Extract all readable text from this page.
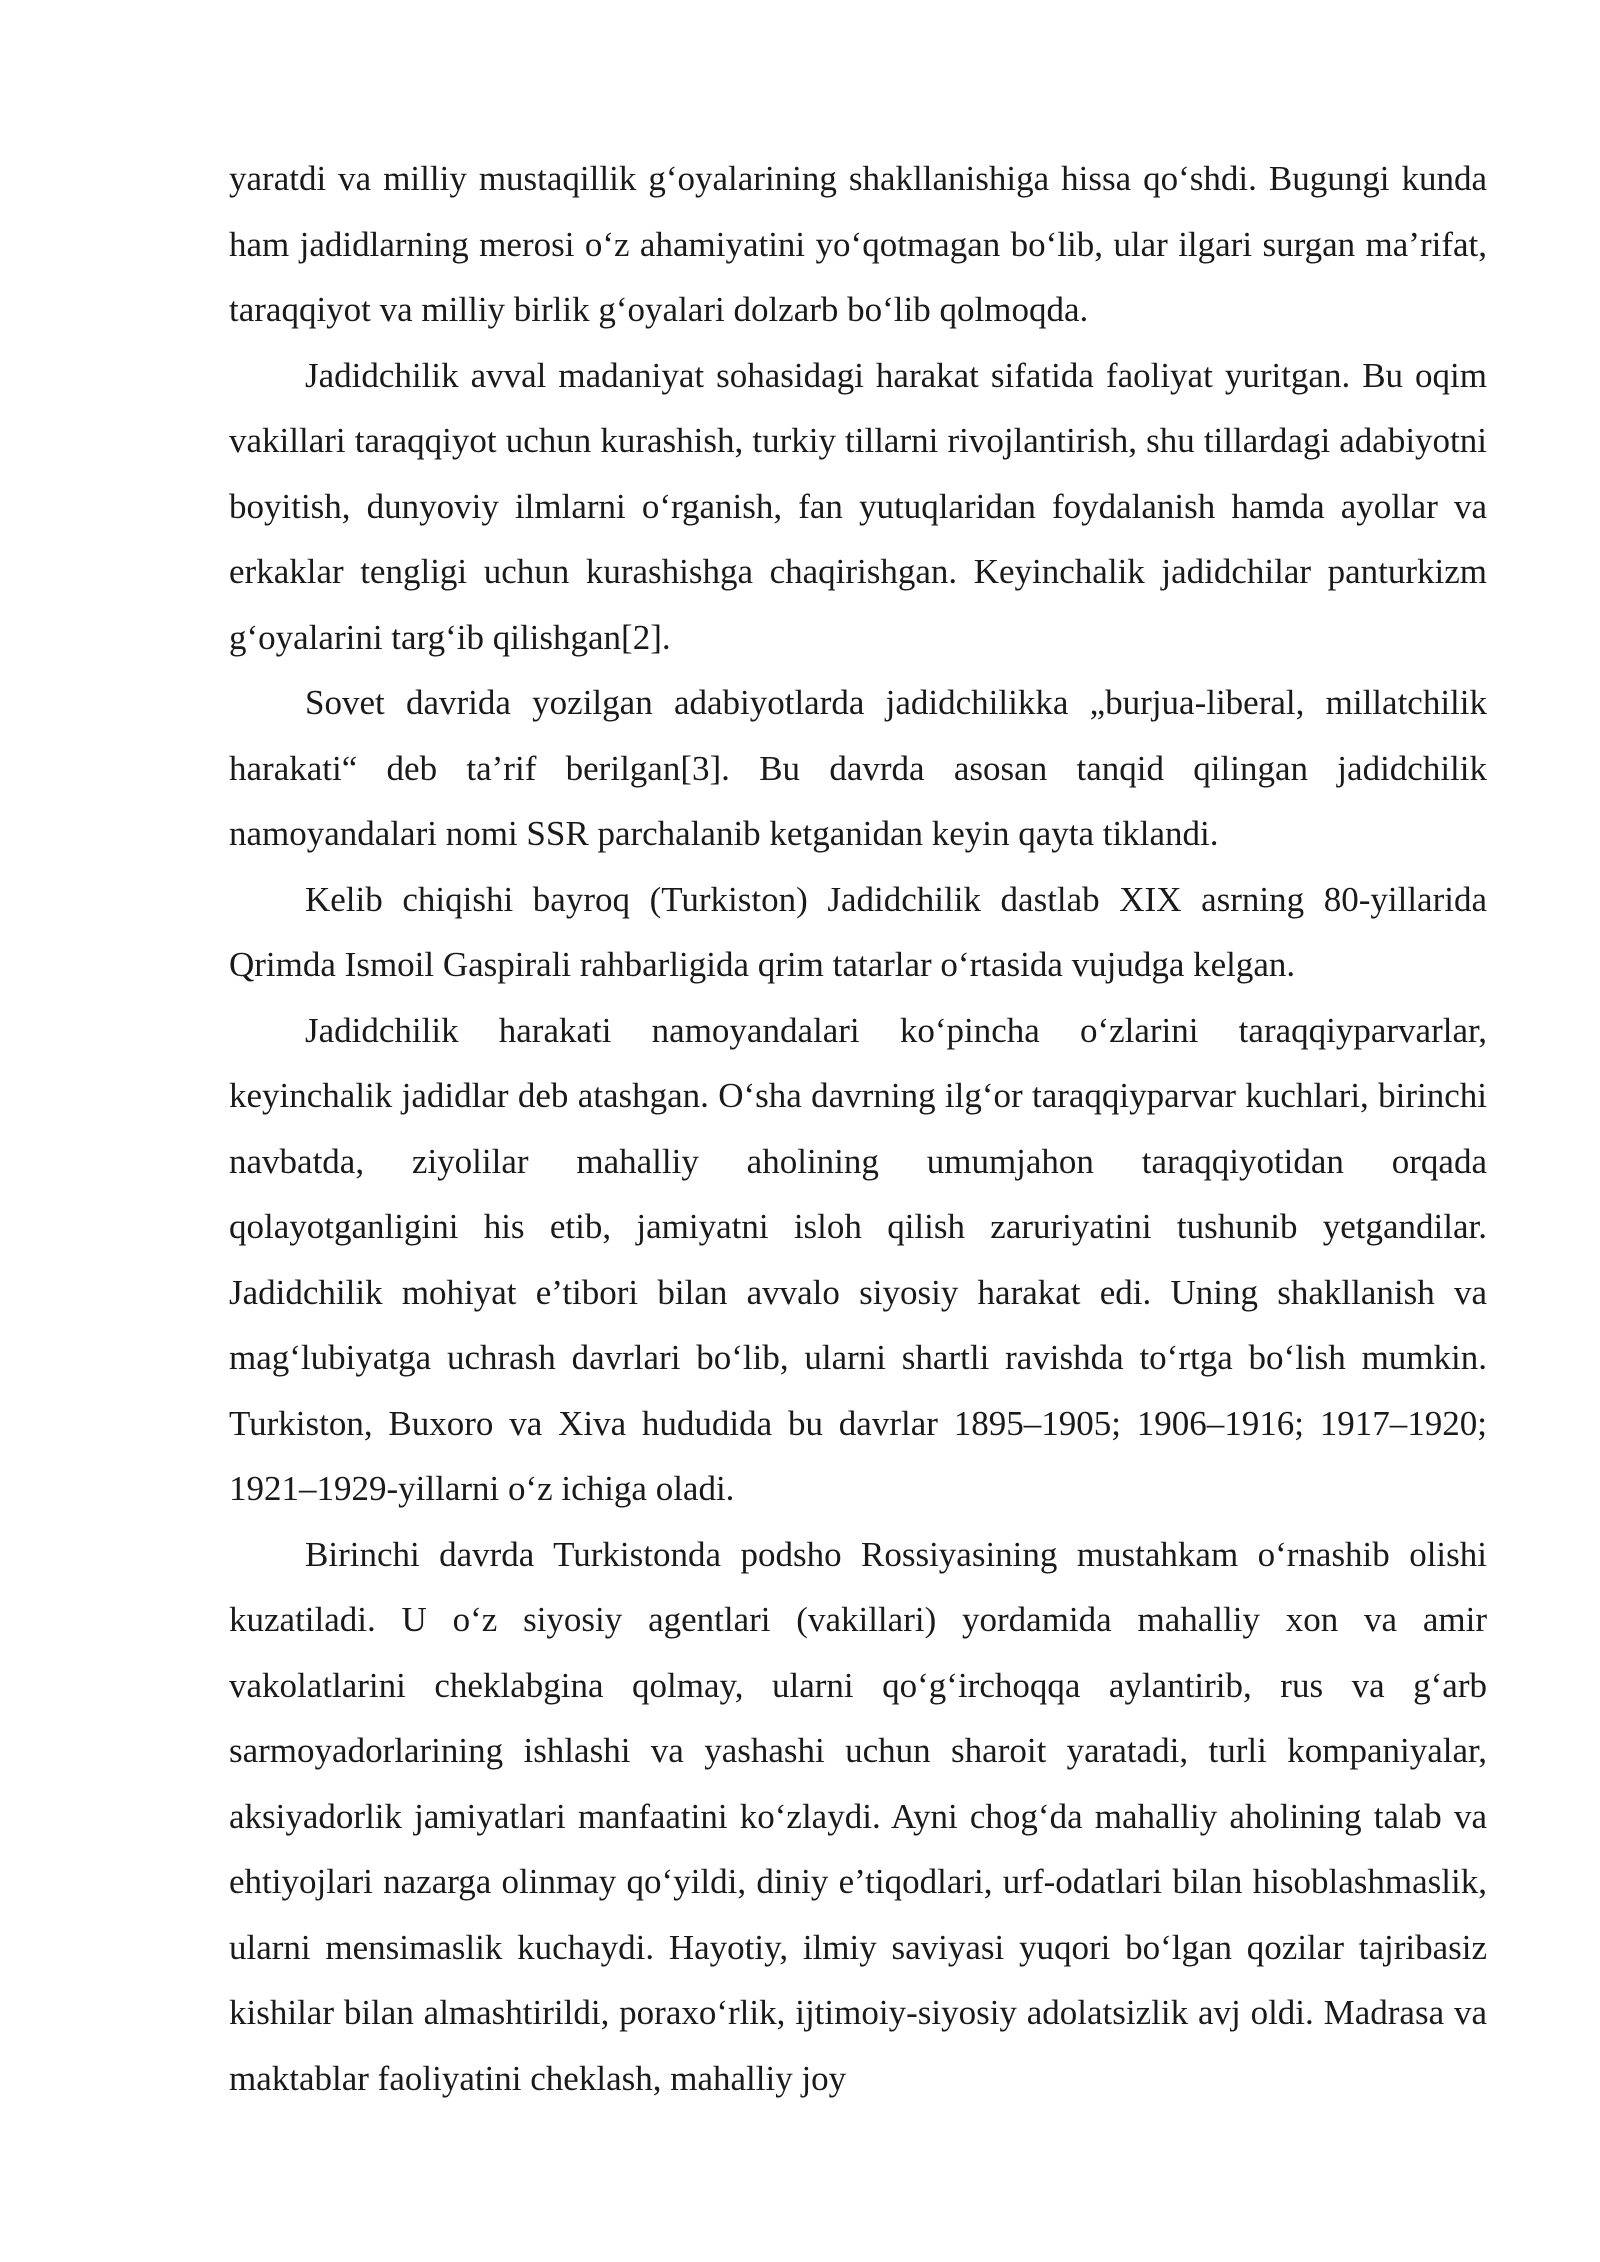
yaratdi va milliy mustaqillik g‘oyalarining shakllanishiga hissa qo‘shdi. Bugungi kunda ham jadidlarning merosi o‘z ahamiyatini yo‘qotmagan bo‘lib, ular ilgari surgan ma’rifat, taraqqiyot va milliy birlik g‘oyalari dolzarb bo‘lib qolmoqda.

Jadidchilik avval madaniyat sohasidagi harakat sifatida faoliyat yuritgan. Bu oqim vakillari taraqqiyot uchun kurashish, turkiy tillarni rivojlantirish, shu tillardagi adabiyotni boyitish, dunyoviy ilmlarni o‘rganish, fan yutuqlaridan foydalanish hamda ayollar va erkaklar tengligi uchun kurashishga chaqirishgan. Keyinchalik jadidchilar panturkizm g‘oyalarini targ‘ib qilishgan[2].

Sovet davrida yozilgan adabiyotlarda jadidchilikka „burjua-liberal, millatchilik harakati“ deb ta’rif berilgan[3]. Bu davrda asosan tanqid qilingan jadidchilik namoyandalari nomi SSR parchalanib ketganidan keyin qayta tiklandi.

Kelib chiqishi bayroq (Turkiston) Jadidchilik dastlab XIX asrning 80-yillarida Qrimda Ismoil Gaspirali rahbarligida qrim tatarlar o‘rtasida vujudga kelgan.

Jadidchilik harakati namoyandalari ko‘pincha o‘zlarini taraqqiyparvarlar, keyinchalik jadidlar deb atashgan. O‘sha davrning ilg‘or taraqqiyparvar kuchlari, birinchi navbatda, ziyolilar mahalliy aholining umumjahon taraqqiyotidan orqada qolayotganligini his etib, jamiyatni isloh qilish zaruriyatini tushunib yetgandilar. Jadidchilik mohiyat e’tibori bilan avvalo siyosiy harakat edi. Uning shakllanish va mag‘lubiyatga uchrash davrlari bo‘lib, ularni shartli ravishda to‘rtga bo‘lish mumkin. Turkiston, Buxoro va Xiva hududida bu davrlar 1895–1905; 1906–1916; 1917–1920; 1921–1929-yillarni o‘z ichiga oladi.

Birinchi davrda Turkistonda podsho Rossiyasining mustahkam o‘rnashib olishi kuzatiladi. U o‘z siyosiy agentlari (vakillari) yordamida mahalliy xon va amir vakolatlarini cheklabgina qolmay, ularni qo‘g‘irchoqqa aylantirib, rus va g‘arb sarmoyadorlarining ishlashi va yashashi uchun sharoit yaratadi, turli kompaniyalar, aksiyadorlik jamiyatlari manfaatini ko‘zlaydi. Ayni chog‘da mahalliy aholining talab va ehtiyojlari nazarga olinmay qo‘yildi, diniy e’tiqodlari, urf-odatlari bilan hisoblashmaslik, ularni mensimaslik kuchaydi. Hayotiy, ilmiy saviyasi yuqori bo‘lgan qozilar tajribasiz kishilar bilan almashtirildi, poraxo‘rlik, ijtimoiy-siyosiy adolatsizlik avj oldi. Madrasa va maktablar faoliyatini cheklash, mahalliy joy
